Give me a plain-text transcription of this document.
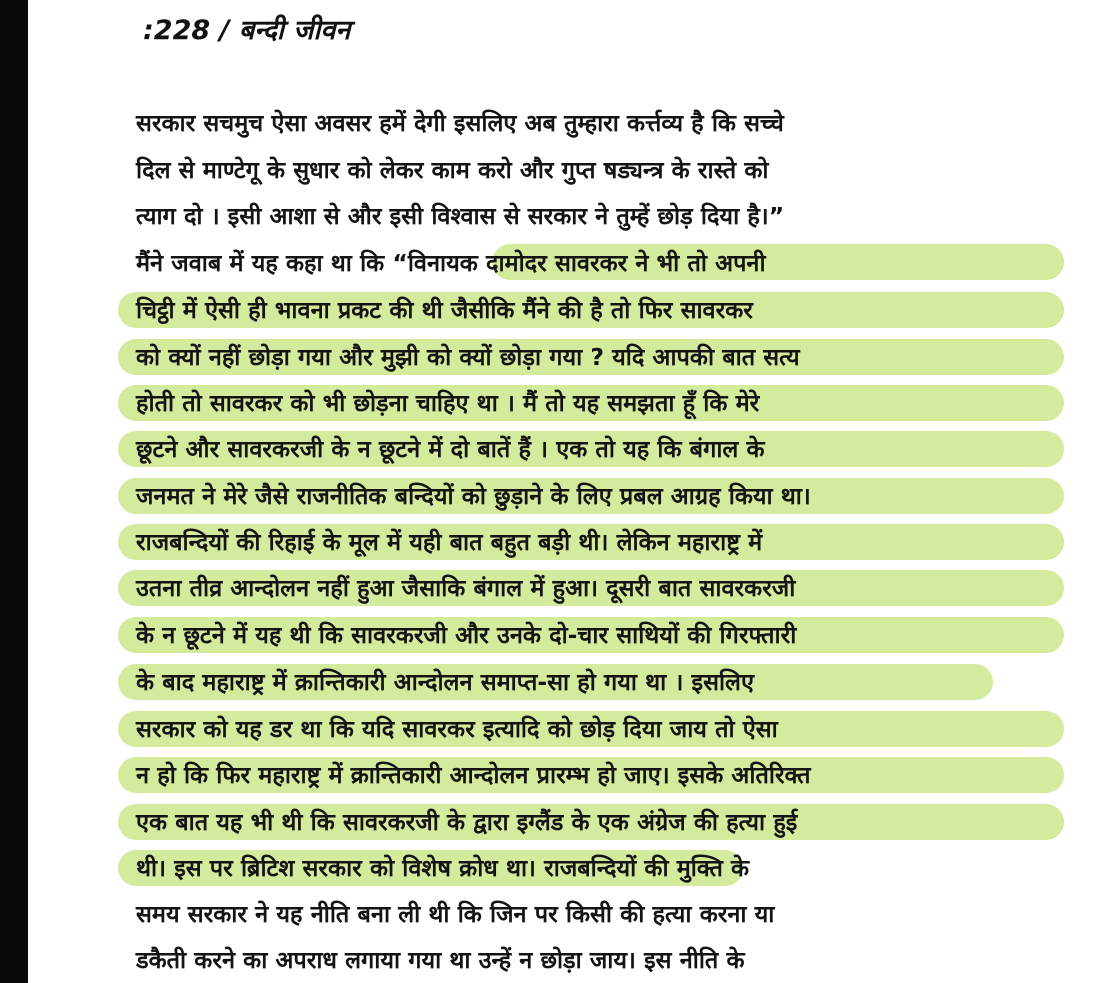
:228 / बन्दी जीवन
सरकार सचमुच ऐसा अवसर हमें देगी इसलिए अब तुम्हारा कर्त्तव्य है कि सच्चे
दिल से माण्टेगू के सुधार को लेकर काम करो और गुप्त षड्यन्त्र के रास्ते को
त्याग दो । इसी आशा से और इसी विश्वास से सरकार ने तुम्हें छोड़ दिया है।”
मैंने जवाब में यह कहा था कि “विनायक दामोदर सावरकर ने भी तो अपनी
चिट्ठी में ऐसी ही भावना प्रकट की थी जैसीकि मैंने की है तो फिर सावरकर
को क्यों नहीं छोड़ा गया और मुझी को क्यों छोड़ा गया ? यदि आपकी बात सत्य
होती तो सावरकर को भी छोड़ना चाहिए था । मैं तो यह समझता हूँ कि मेरे
छूटने और सावरकरजी के न छूटने में दो बातें हैं । एक तो यह कि बंगाल के
जनमत ने मेरे जैसे राजनीतिक बन्दियों को छुड़ाने के लिए प्रबल आग्रह किया था।
राजबन्दियों की रिहाई के मूल में यही बात बहुत बड़ी थी। लेकिन महाराष्ट्र में
उतना तीव्र आन्दोलन नहीं हुआ जैसाकि बंगाल में हुआ। दूसरी बात सावरकरजी
के न छूटने में यह थी कि सावरकरजी और उनके दो-चार साथियों की गिरफ्तारी
के बाद महाराष्ट्र में क्रान्तिकारी आन्दोलन समाप्त-सा हो गया था । इसलिए
सरकार को यह डर था कि यदि सावरकर इत्यादि को छोड़ दिया जाय तो ऐसा
न हो कि फिर महाराष्ट्र में क्रान्तिकारी आन्दोलन प्रारम्भ हो जाए। इसके अतिरिक्त
एक बात यह भी थी कि सावरकरजी के द्वारा इग्लैंड के एक अंग्रेज की हत्या हुई
थी। इस पर ब्रिटिश सरकार को विशेष क्रोध था। राजबन्दियों की मुक्ति के
समय सरकार ने यह नीति बना ली थी कि जिन पर किसी की हत्या करना या
डकैती करने का अपराध लगाया गया था उन्हें न छोड़ा जाय। इस नीति के
